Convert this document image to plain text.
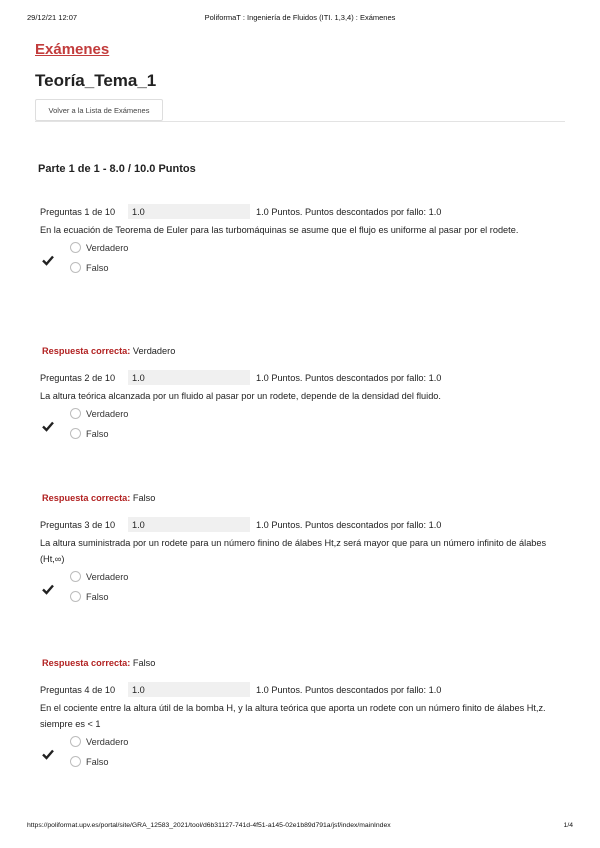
29/12/21 12:07	PoliformaT : Ingeniería de Fluidos (ITI. 1,3,4) : Exámenes
Exámenes
Teoría_Tema_1
Volver a la Lista de Exámenes
Parte 1 de 1 - 8.0 / 10.0 Puntos
Preguntas 1 de 10
1.0	1.0 Puntos. Puntos descontados por fallo: 1.0
En la ecuación de Teorema de Euler para las turbomáquinas se asume que el flujo es uniforme al pasar por el rodete.
Verdadero
Falso
Respuesta correcta: Verdadero
Preguntas 2 de 10
1.0	1.0 Puntos. Puntos descontados por fallo: 1.0
La altura teórica alcanzada por un fluido al pasar por un rodete, depende de la densidad del fluido.
Verdadero
Falso
Respuesta correcta: Falso
Preguntas 3 de 10
1.0	1.0 Puntos. Puntos descontados por fallo: 1.0
La altura suministrada por un rodete para un número finino de álabes Ht,z será mayor que para un número infinito de álabes (Ht,∞)
Verdadero
Falso
Respuesta correcta: Falso
Preguntas 4 de 10
1.0	1.0 Puntos. Puntos descontados por fallo: 1.0
En el cociente entre la altura útil de la bomba H, y la altura teórica que aporta un rodete con un número finito de álabes Ht,z. siempre es < 1
Verdadero
Falso
https://poliformat.upv.es/portal/site/GRA_12583_2021/tool/d6b31127-741d-4f51-a145-02e1b89d791a/jsf/index/mainIndex	1/4
